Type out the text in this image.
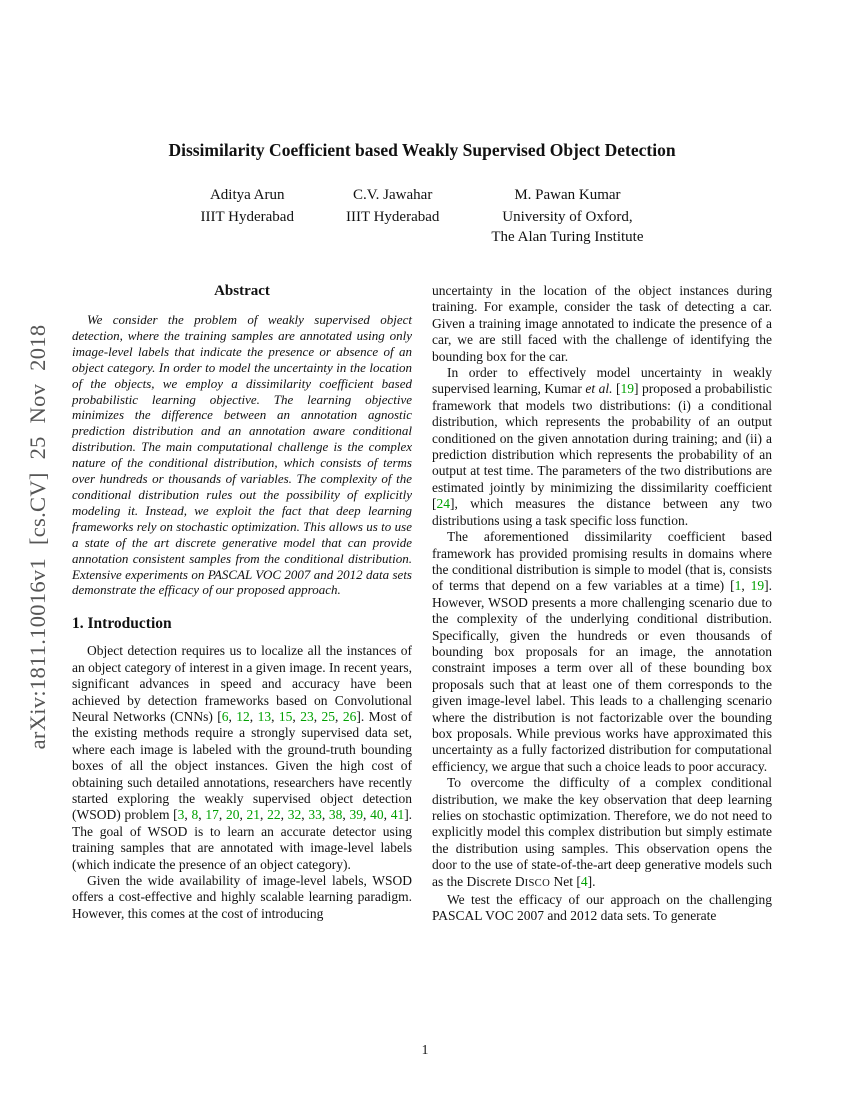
arXiv:1811.10016v1 [cs.CV] 25 Nov 2018
Dissimilarity Coefficient based Weakly Supervised Object Detection
Aditya Arun
IIIT Hyderabad
C.V. Jawahar
IIIT Hyderabad
M. Pawan Kumar
University of Oxford,
The Alan Turing Institute
Abstract

We consider the problem of weakly supervised object detection, where the training samples are annotated using only image-level labels that indicate the presence or absence of an object category. In order to model the uncertainty in the location of the objects, we employ a dissimilarity coefficient based probabilistic learning objective. The learning objective minimizes the difference between an annotation agnostic prediction distribution and an annotation aware conditional distribution. The main computational challenge is the complex nature of the conditional distribution, which consists of terms over hundreds or thousands of variables. The complexity of the conditional distribution rules out the possibility of explicitly modeling it. Instead, we exploit the fact that deep learning frameworks rely on stochastic optimization. This allows us to use a state of the art discrete generative model that can provide annotation consistent samples from the conditional distribution. Extensive experiments on PASCAL VOC 2007 and 2012 data sets demonstrate the efficacy of our proposed approach.

1. Introduction

Object detection requires us to localize all the instances of an object category of interest in a given image. In recent years, significant advances in speed and accuracy have been achieved by detection frameworks based on Convolutional Neural Networks (CNNs) [6, 12, 13, 15, 23, 25, 26]. Most of the existing methods require a strongly supervised data set, where each image is labeled with the ground-truth bounding boxes of all the object instances. Given the high cost of obtaining such detailed annotations, researchers have recently started exploring the weakly supervised object detection (WSOD) problem [3, 8, 17, 20, 21, 22, 32, 33, 38, 39, 40, 41]. The goal of WSOD is to learn an accurate detector using training samples that are annotated with image-level labels (which indicate the presence of an object category).

Given the wide availability of image-level labels, WSOD offers a cost-effective and highly scalable learning paradigm. However, this comes at the cost of introducing

uncertainty in the location of the object instances during training. For example, consider the task of detecting a car. Given a training image annotated to indicate the presence of a car, we are still faced with the challenge of identifying the bounding box for the car.

In order to effectively model uncertainty in weakly supervised learning, Kumar et al. [19] proposed a probabilistic framework that models two distributions: (i) a conditional distribution, which represents the probability of an output conditioned on the given annotation during training; and (ii) a prediction distribution which represents the probability of an output at test time. The parameters of the two distributions are estimated jointly by minimizing the dissimilarity coefficient [24], which measures the distance between any two distributions using a task specific loss function.

The aforementioned dissimilarity coefficient based framework has provided promising results in domains where the conditional distribution is simple to model (that is, consists of terms that depend on a few variables at a time) [1, 19]. However, WSOD presents a more challenging scenario due to the complexity of the underlying conditional distribution. Specifically, given the hundreds or even thousands of bounding box proposals for an image, the annotation constraint imposes a term over all of these bounding box proposals such that at least one of them corresponds to the given image-level label. This leads to a challenging scenario where the distribution is not factorizable over the bounding box proposals. While previous works have approximated this uncertainty as a fully factorized distribution for computational efficiency, we argue that such a choice leads to poor accuracy.

To overcome the difficulty of a complex conditional distribution, we make the key observation that deep learning relies on stochastic optimization. Therefore, we do not need to explicitly model this complex distribution but simply estimate the distribution using samples. This observation opens the door to the use of state-of-the-art deep generative models such as the Discrete DISCO Net [4].

We test the efficacy of our approach on the challenging PASCAL VOC 2007 and 2012 data sets. To generate

1
